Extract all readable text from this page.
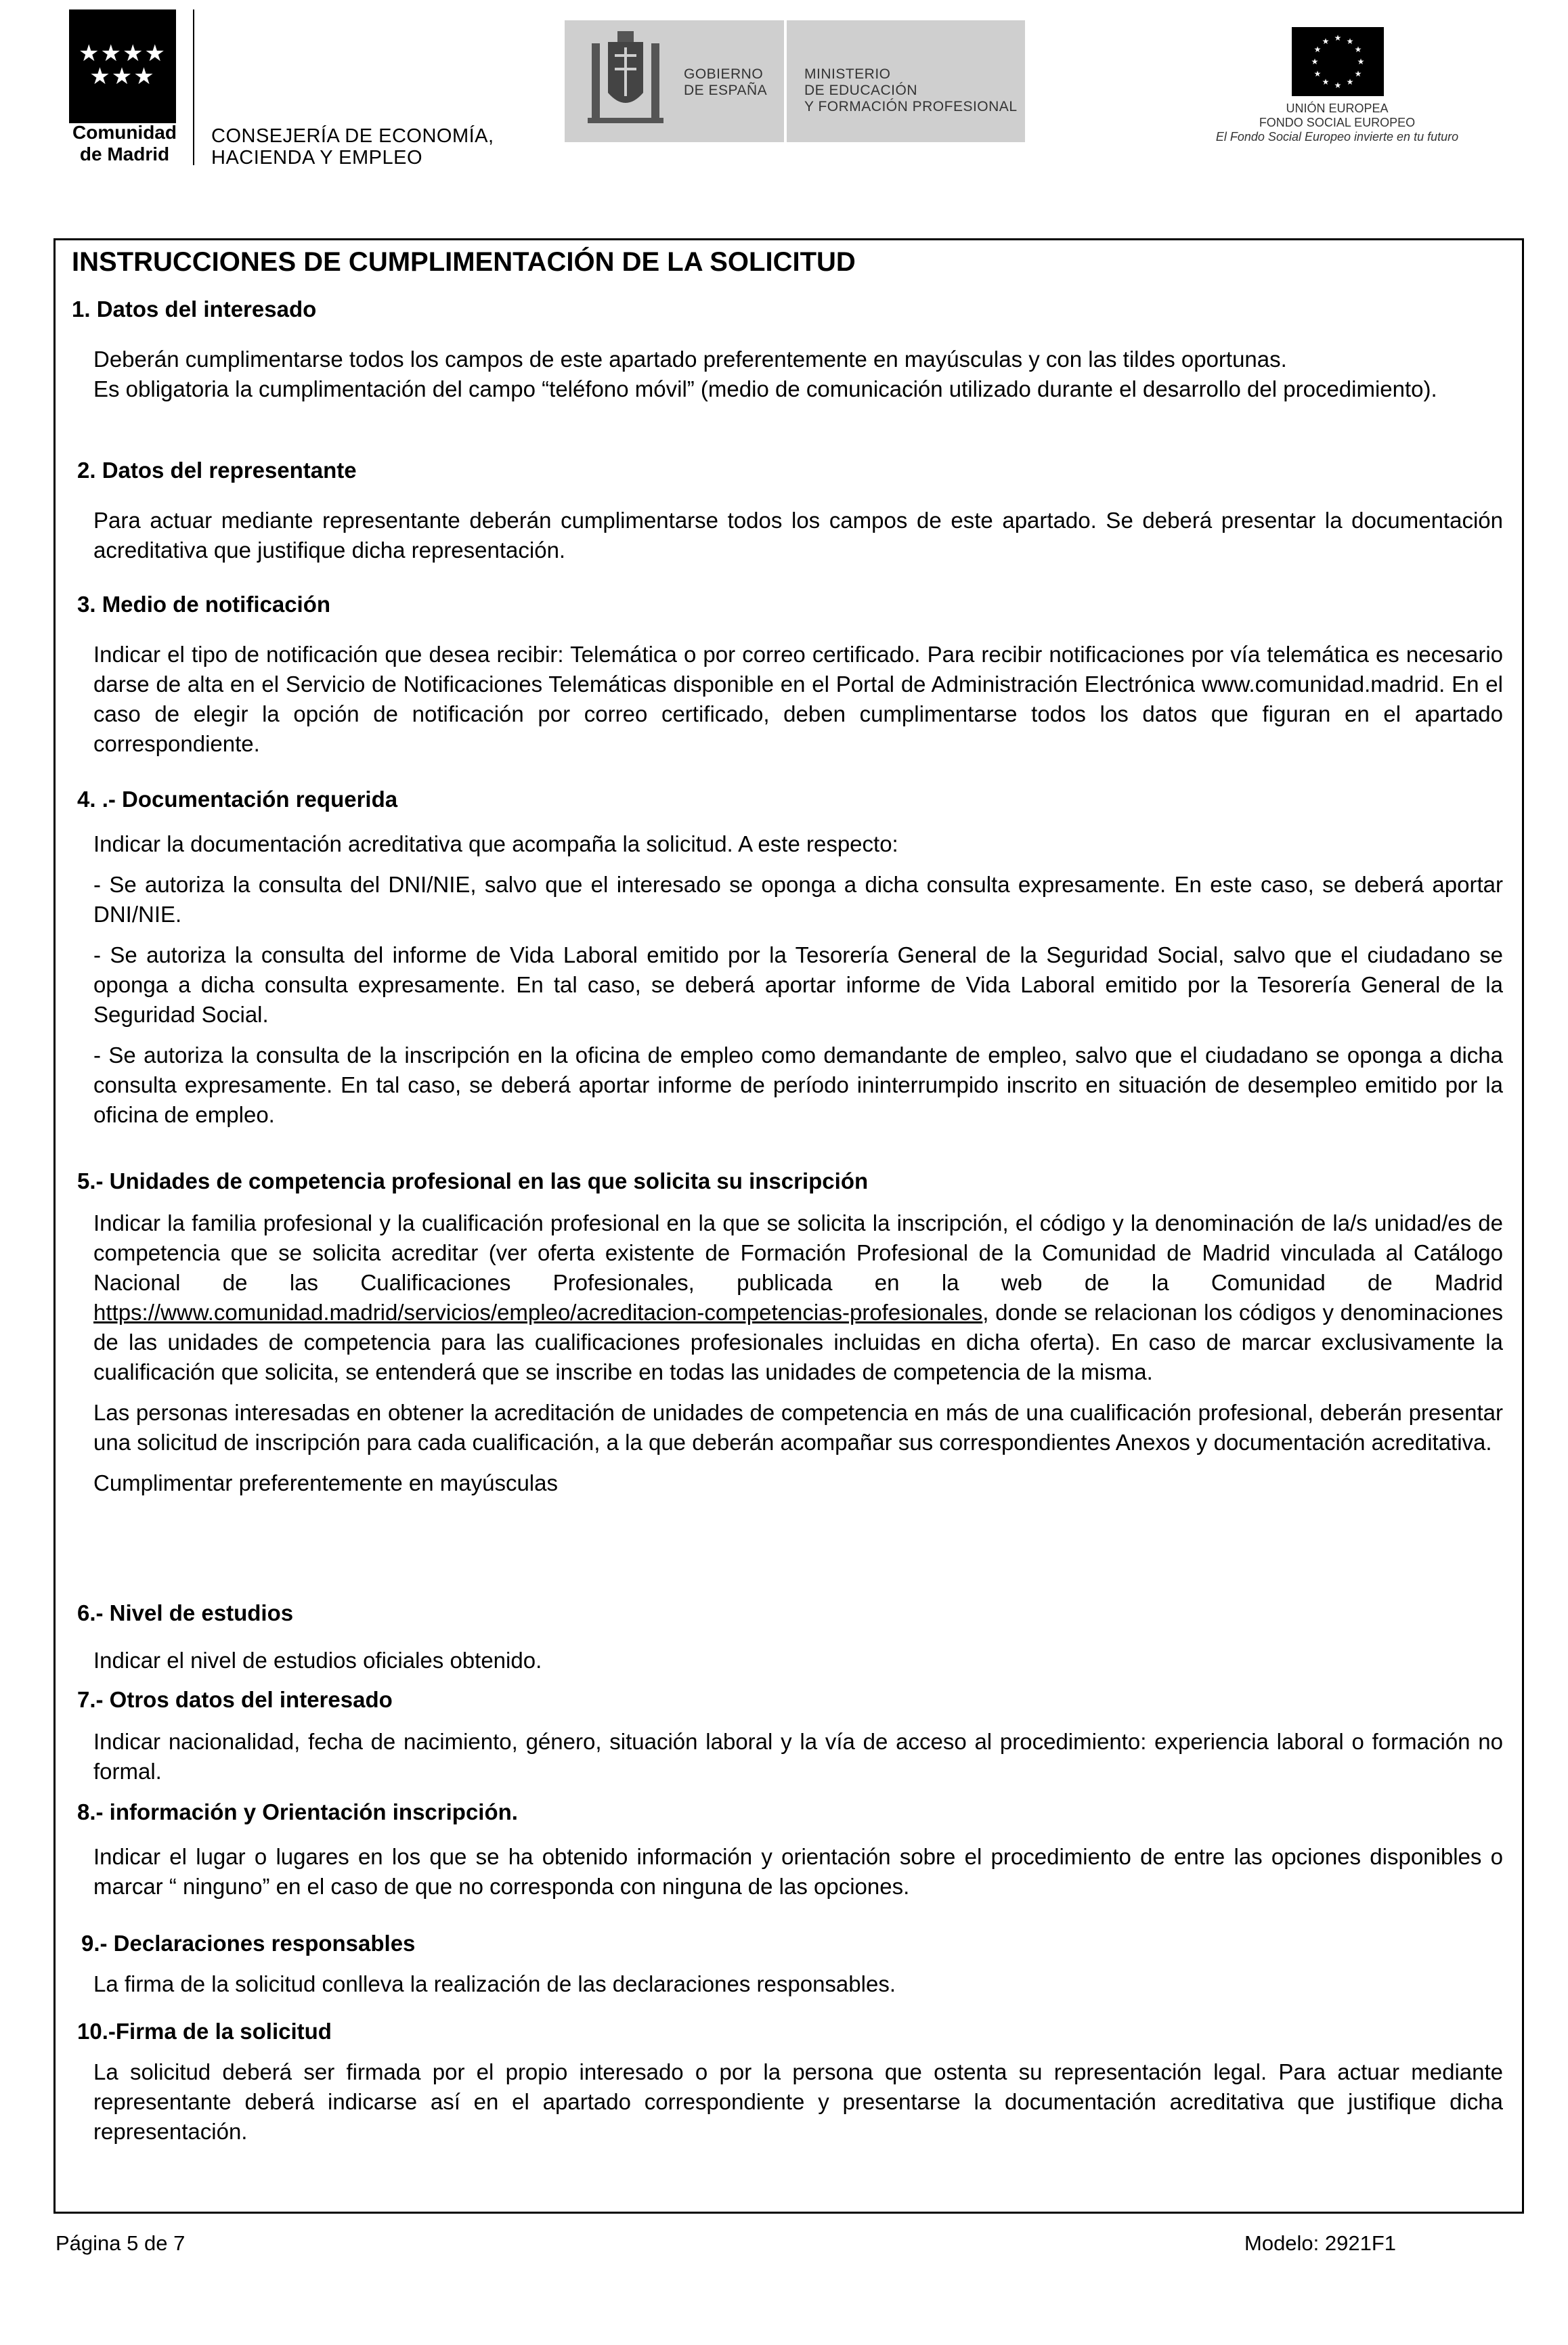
★★★★
★★★
Comunidad
de Madrid
CONSEJERÍA DE ECONOMÍA,
HACIENDA Y EMPLEO
GOBIERNO
DE ESPAÑA
MINISTERIO
DE EDUCACIÓN
Y FORMACIÓN PROFESIONAL
★ ★
★
★
★
★
★
★
★
★
★
★
UNIÓN EUROPEA
FONDO SOCIAL EUROPEO
El Fondo Social Europeo invierte en tu futuro
INSTRUCCIONES DE CUMPLIMENTACIÓN DE LA SOLICITUD
1. Datos del interesado

Deberán cumplimentarse todos los campos de este apartado preferentemente en mayúsculas y con las tildes oportunas.

Es obligatoria la cumplimentación del campo “teléfono móvil” (medio de comunicación utilizado durante el desarrollo del procedimiento).

2. Datos del representante

Para actuar mediante representante deberán cumplimentarse todos los campos de este apartado. Se deberá presentar la documentación acreditativa que justifique dicha representación.

3. Medio de notificación

Indicar el tipo de notificación que desea recibir: Telemática o por correo certificado. Para recibir notificaciones por vía telemática es necesario darse de alta en el Servicio de Notificaciones Telemáticas disponible en el Portal de Administración Electrónica www.comunidad.madrid. En el caso de elegir la opción de notificación por correo certificado, deben cumplimentarse todos los datos que figuran en el apartado correspondiente.

4. .- Documentación requerida

Indicar la documentación acreditativa que acompaña la solicitud. A este respecto:

- Se autoriza la consulta del DNI/NIE, salvo que el interesado se oponga a dicha consulta expresamente. En este caso, se deberá aportar DNI/NIE.

- Se autoriza la consulta del informe de Vida Laboral emitido por la Tesorería General de la Seguridad Social, salvo que el ciudadano se oponga a dicha consulta expresamente. En tal caso, se deberá aportar informe de Vida Laboral emitido por la Tesorería General de la Seguridad Social.

- Se autoriza la consulta de la inscripción en la oficina de empleo como demandante de empleo, salvo que el ciudadano se oponga a dicha consulta expresamente. En tal caso, se deberá aportar informe de período ininterrumpido inscrito en situación de desempleo emitido por la oficina de empleo.

5.- Unidades de competencia profesional en las que solicita su inscripción

Indicar la familia profesional y la cualificación profesional en la que se solicita la inscripción, el código y la denominación de la/s unidad/es de competencia que se solicita acreditar (ver oferta existente de Formación Profesional de la Comunidad de Madrid vinculada al Catálogo Nacional de las Cualificaciones Profesionales, publicada en la web de la Comunidad de Madrid https://www.comunidad.madrid/servicios/empleo/acreditacion-competencias-profesionales, donde se relacionan los códigos y denominaciones de las unidades de competencia para las cualificaciones profesionales incluidas en dicha oferta). En caso de marcar exclusivamente la cualificación que solicita, se entenderá que se inscribe en todas las unidades de competencia de la misma.

Las personas interesadas en obtener la acreditación de unidades de competencia en más de una cualificación profesional, deberán presentar una solicitud de inscripción para cada cualificación, a la que deberán acompañar sus correspondientes Anexos y documentación acreditativa.

Cumplimentar preferentemente en mayúsculas

6.- Nivel de estudios

Indicar el nivel de estudios oficiales obtenido.

7.- Otros datos del interesado

Indicar nacionalidad, fecha de nacimiento, género, situación laboral y la vía de acceso al procedimiento: experiencia laboral o formación no formal.

8.- información y Orientación inscripción.

Indicar el lugar o lugares en los que se ha obtenido información y orientación sobre el procedimiento de entre las opciones disponibles o marcar “ ninguno” en el caso de que no corresponda con ninguna de las opciones.

9.- Declaraciones responsables

La firma de la solicitud conlleva la realización de las declaraciones responsables.

10.-Firma de la solicitud

La solicitud deberá ser firmada por el propio interesado o por la persona que ostenta su representación legal. Para actuar mediante representante deberá indicarse así en el apartado correspondiente y presentarse la documentación acreditativa que justifique dicha representación.

Página 5 de 7	Modelo: 2921F1
